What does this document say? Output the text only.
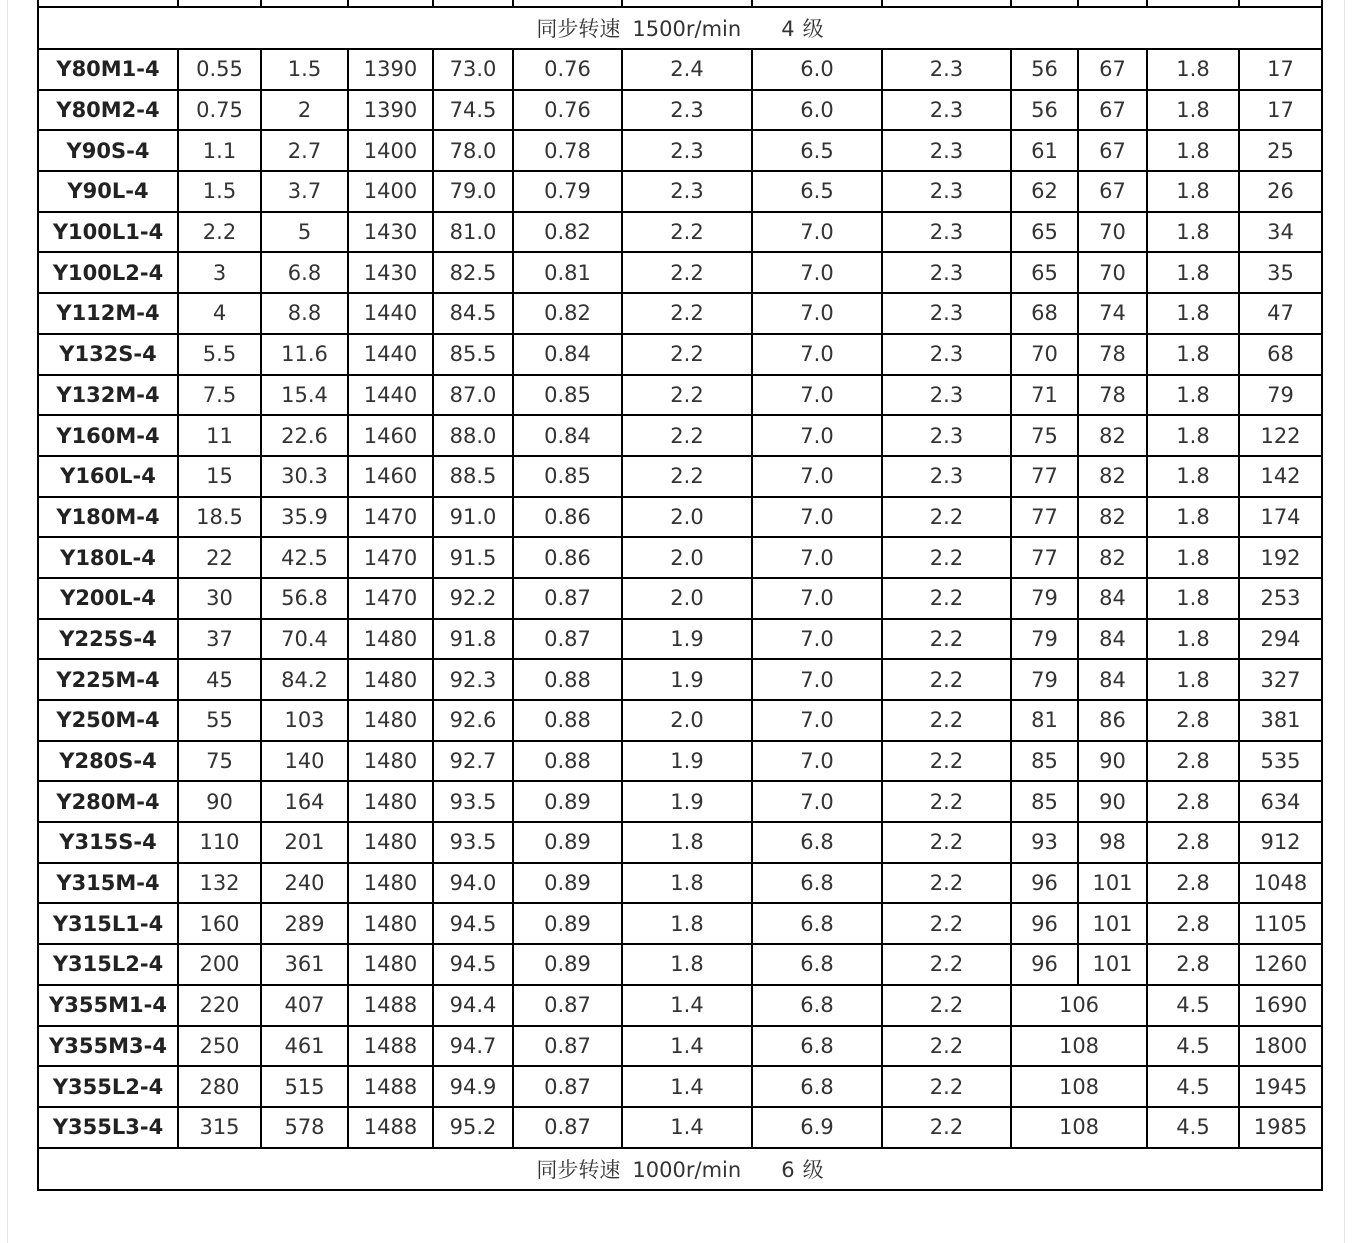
同步转速 1500r/min 4 级												
Y80M1-4	0.55	1.5	1390	73.0	0.76	2.4	6.0	2.3	56	67	1.8	17
Y80M2-4	0.75	2	1390	74.5	0.76	2.3	6.0	2.3	56	67	1.8	17
Y90S-4	1.1	2.7	1400	78.0	0.78	2.3	6.5	2.3	61	67	1.8	25
Y90L-4	1.5	3.7	1400	79.0	0.79	2.3	6.5	2.3	62	67	1.8	26
Y100L1-4	2.2	5	1430	81.0	0.82	2.2	7.0	2.3	65	70	1.8	34
Y100L2-4	3	6.8	1430	82.5	0.81	2.2	7.0	2.3	65	70	1.8	35
Y112M-4	4	8.8	1440	84.5	0.82	2.2	7.0	2.3	68	74	1.8	47
Y132S-4	5.5	11.6	1440	85.5	0.84	2.2	7.0	2.3	70	78	1.8	68
Y132M-4	7.5	15.4	1440	87.0	0.85	2.2	7.0	2.3	71	78	1.8	79
Y160M-4	11	22.6	1460	88.0	0.84	2.2	7.0	2.3	75	82	1.8	122
Y160L-4	15	30.3	1460	88.5	0.85	2.2	7.0	2.3	77	82	1.8	142
Y180M-4	18.5	35.9	1470	91.0	0.86	2.0	7.0	2.2	77	82	1.8	174
Y180L-4	22	42.5	1470	91.5	0.86	2.0	7.0	2.2	77	82	1.8	192
Y200L-4	30	56.8	1470	92.2	0.87	2.0	7.0	2.2	79	84	1.8	253
Y225S-4	37	70.4	1480	91.8	0.87	1.9	7.0	2.2	79	84	1.8	294
Y225M-4	45	84.2	1480	92.3	0.88	1.9	7.0	2.2	79	84	1.8	327
Y250M-4	55	103	1480	92.6	0.88	2.0	7.0	2.2	81	86	2.8	381
Y280S-4	75	140	1480	92.7	0.88	1.9	7.0	2.2	85	90	2.8	535
Y280M-4	90	164	1480	93.5	0.89	1.9	7.0	2.2	85	90	2.8	634
Y315S-4	110	201	1480	93.5	0.89	1.8	6.8	2.2	93	98	2.8	912
Y315M-4	132	240	1480	94.0	0.89	1.8	6.8	2.2	96	101	2.8	1048
Y315L1-4	160	289	1480	94.5	0.89	1.8	6.8	2.2	96	101	2.8	1105
Y315L2-4	200	361	1480	94.5	0.89	1.8	6.8	2.2	96	101	2.8	1260
Y355M1-4	220	407	1488	94.4	0.87	1.4	6.8	2.2	106		4.5	1690
Y355M3-4	250	461	1488	94.7	0.87	1.4	6.8	2.2	108		4.5	1800
Y355L2-4	280	515	1488	94.9	0.87	1.4	6.8	2.2	108		4.5	1945
Y355L3-4	315	578	1488	95.2	0.87	1.4	6.9	2.2	108		4.5	1985
同步转速 1000r/min 6 级												
